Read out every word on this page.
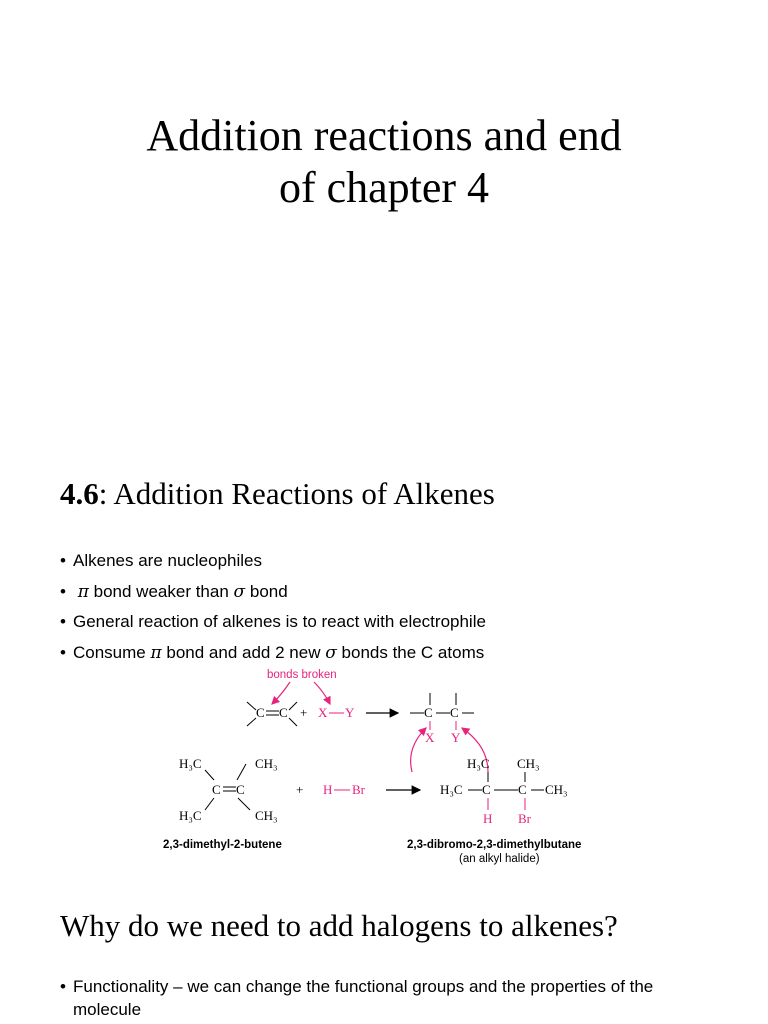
Addition reactions and end
of chapter 4
4.6: Addition Reactions of Alkenes
• Alkenes are nucleophiles
• π bond weaker than σ bond
• General reaction of alkenes is to react with electrophile
• Consume π bond and add 2 new σ bonds the C atoms
bonds broken
C C + X Y	C C
X Y
H₃C	CH₃
C C
H₃C	CH₃
+ H Br
H₃C CH₃
H₃C C C CH₃
H Br
2,3-dimethyl-2-butene	2,3-dibromo-2,3-dimethylbutane
(an alkyl halide)
Why do we need to add halogens to alkenes?
• Functionality – we can change the functional groups and the properties of the molecule
